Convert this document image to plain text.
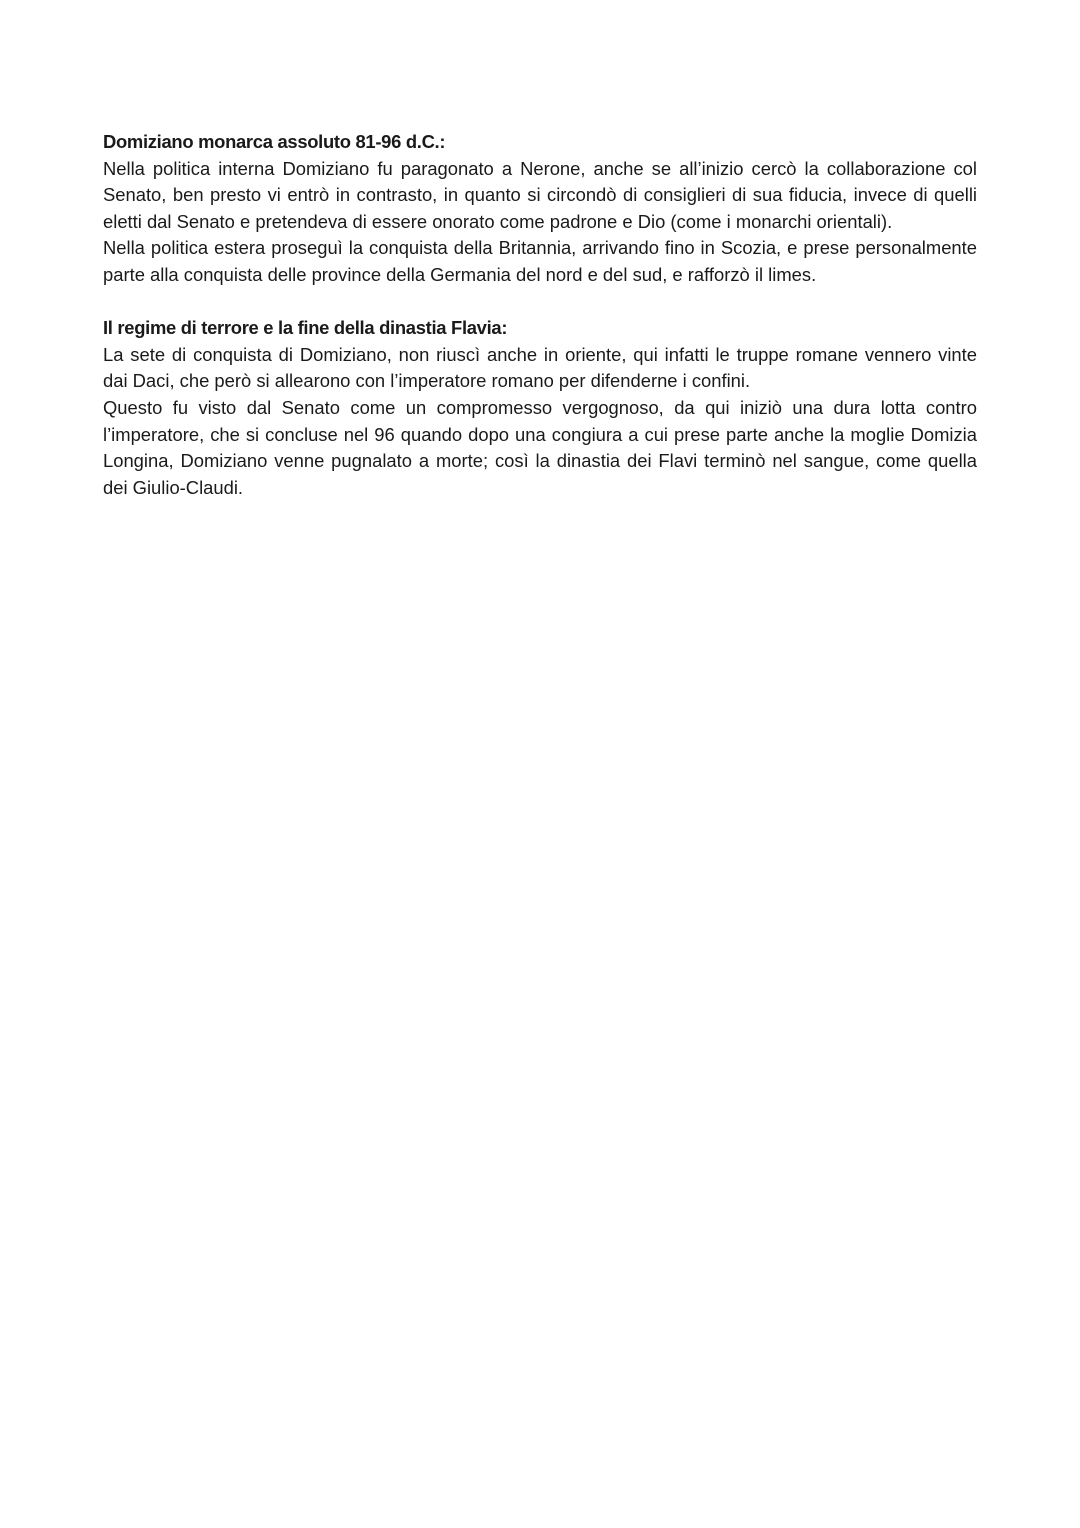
Domiziano monarca assoluto 81-96 d.C.:

Nella politica interna Domiziano fu paragonato a Nerone, anche se all’inizio cercò la collaborazione col Senato, ben presto vi entrò in contrasto, in quanto si circondò di consiglieri di sua fiducia, invece di quelli eletti dal Senato e pretendeva di essere onorato come padrone e Dio (come i monarchi orientali).

Nella politica estera proseguì la conquista della Britannia, arrivando fino in Scozia, e prese personalmente parte alla conquista delle province della Germania del nord e del sud, e rafforzò il limes.

Il regime di terrore e la fine della dinastia Flavia:

La sete di conquista di Domiziano, non riuscì anche in oriente, qui infatti le truppe romane vennero vinte dai Daci, che però si allearono con l’imperatore romano per difenderne i confini.

Questo fu visto dal Senato come un compromesso vergognoso, da qui iniziò una dura lotta contro l’imperatore, che si concluse nel 96 quando dopo una congiura a cui prese parte anche la moglie Domizia Longina, Domiziano venne pugnalato a morte; così la dinastia dei Flavi terminò nel sangue, come quella dei Giulio-Claudi.
